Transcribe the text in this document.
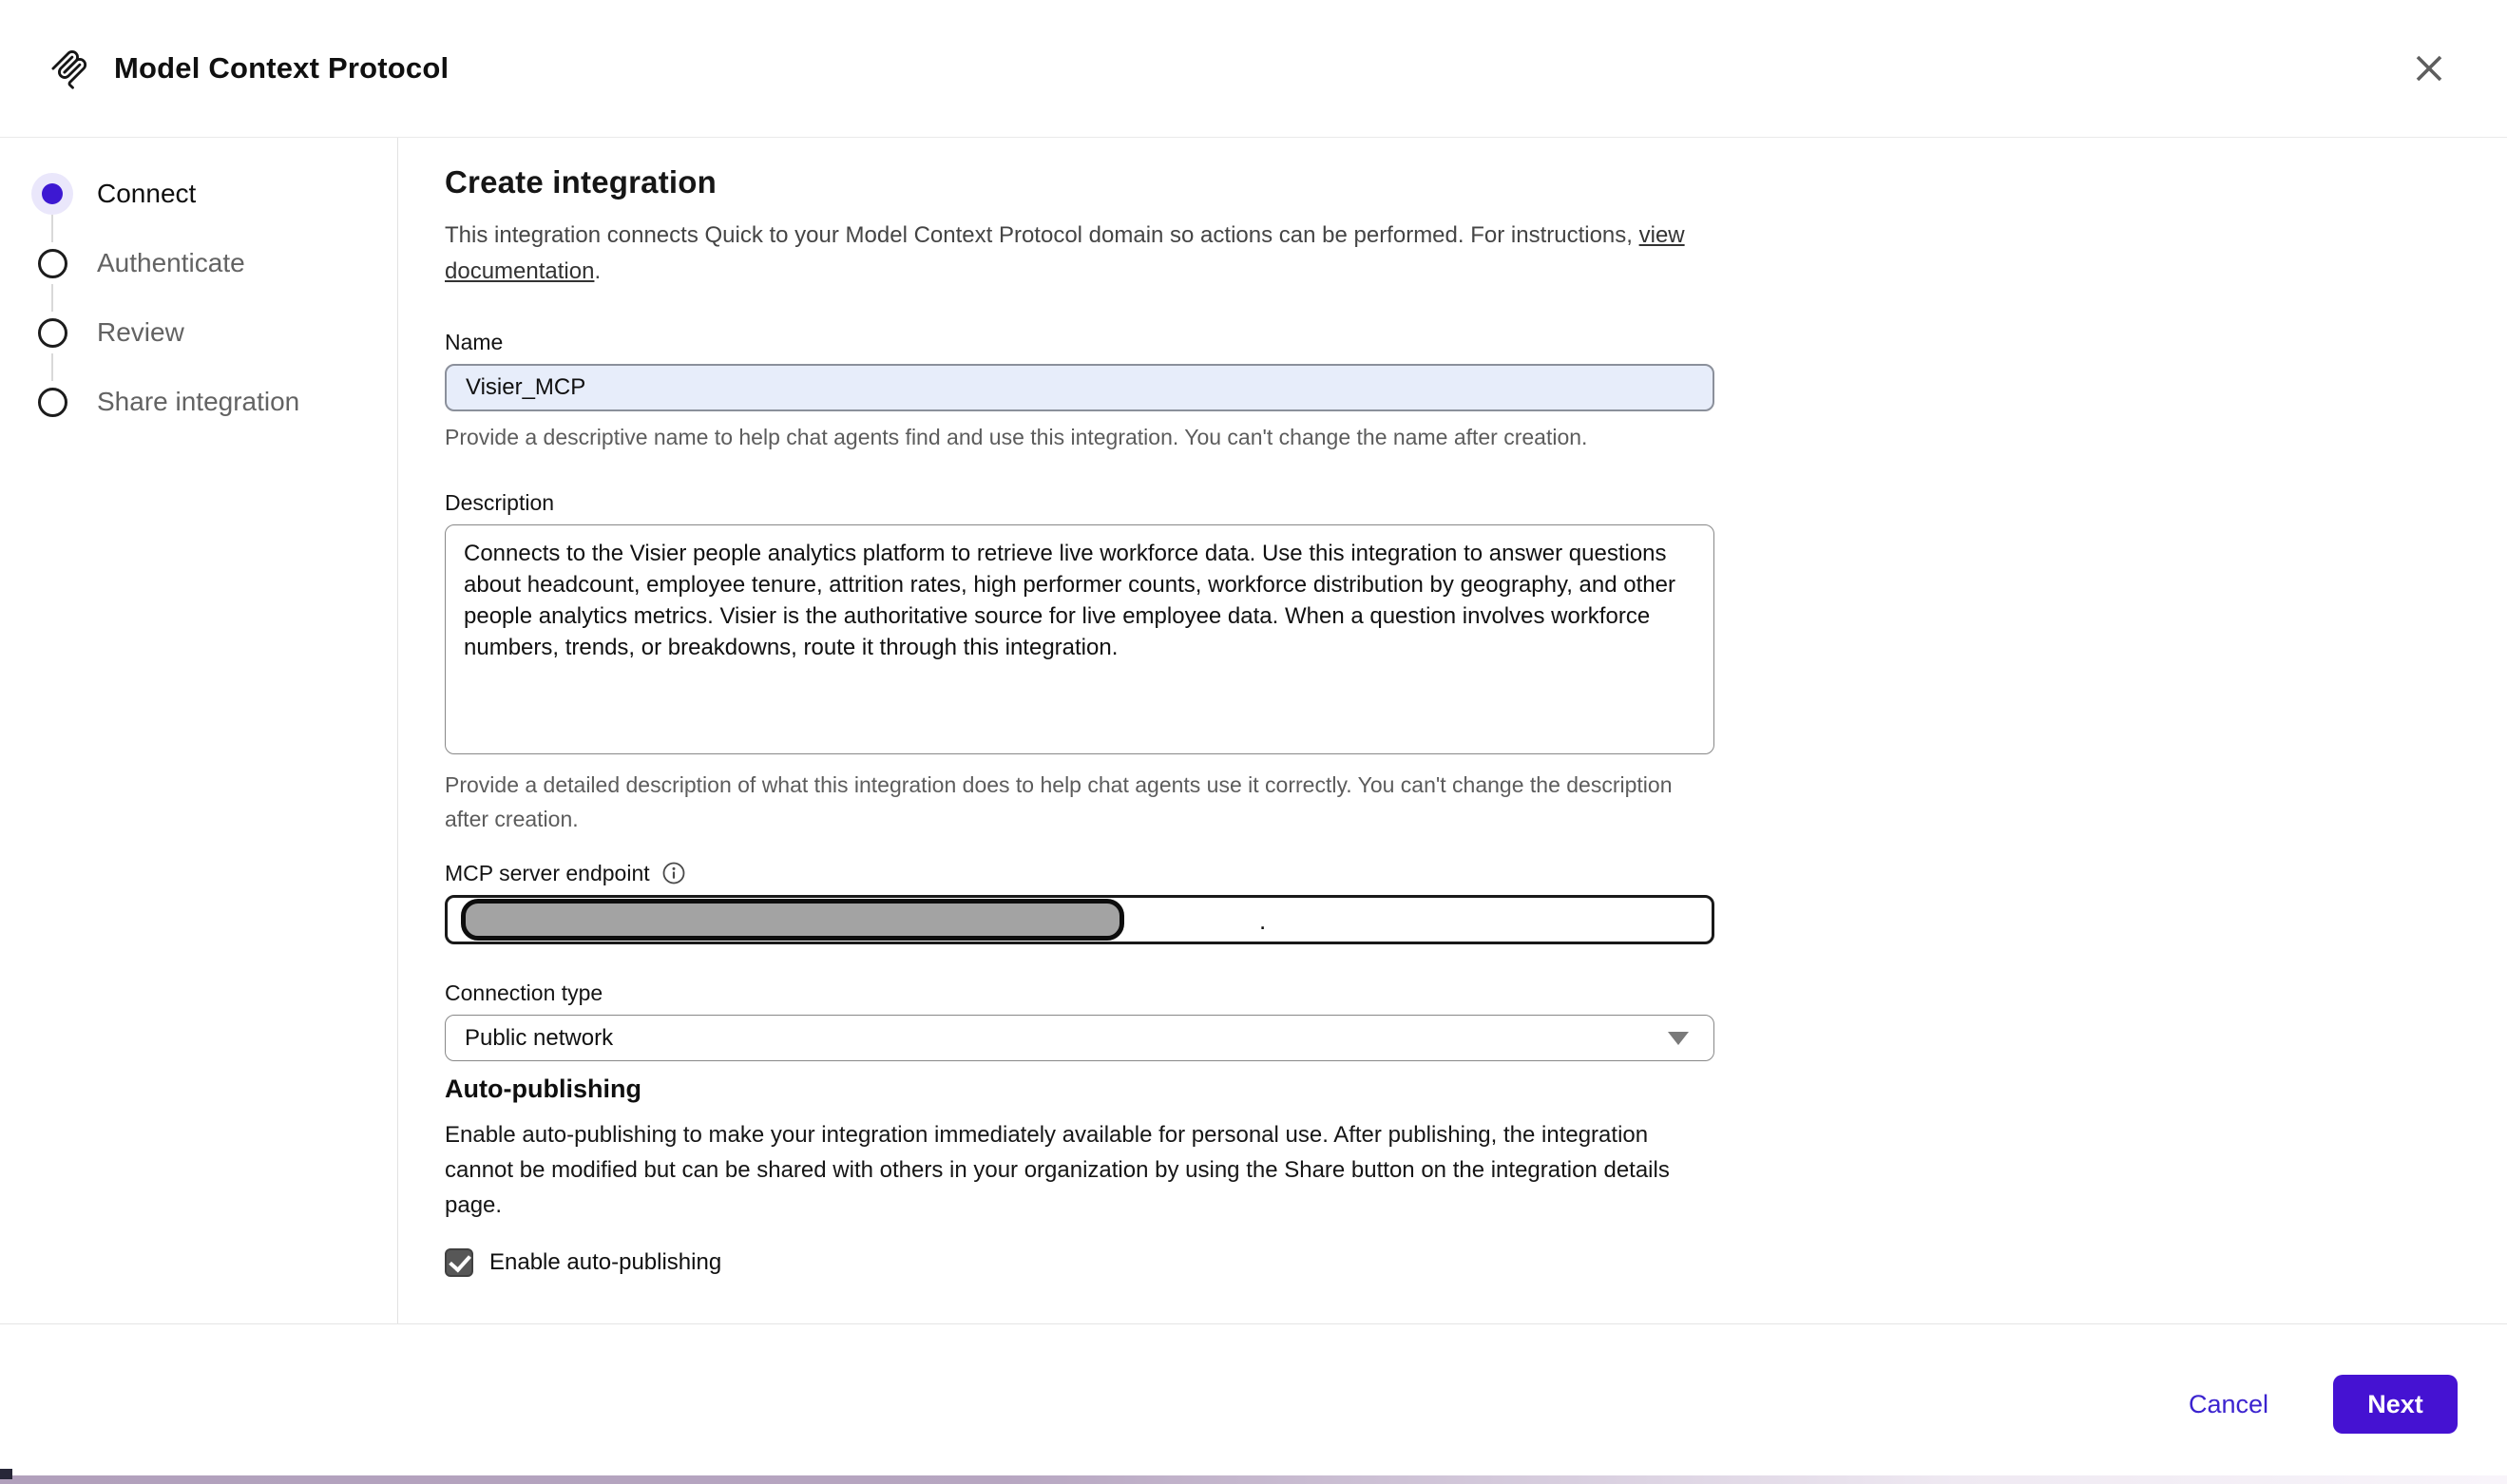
Model Context Protocol
Connect
Authenticate
Review
Share integration
Create integration

This integration connects Quick to your Model Context Protocol domain so actions can be performed. For instructions, view documentation.

Name
Visier_MCP
Provide a descriptive name to help chat agents find and use this integration. You can't change the name after creation.
Description
Connects to the Visier people analytics platform to retrieve live workforce data. Use this integration to answer questions about headcount, employee tenure, attrition rates, high performer counts, workforce distribution by geography, and other people analytics metrics. Visier is the authoritative source for live employee data. When a question involves workforce numbers, trends, or breakdowns, route it through this integration.
Provide a detailed description of what this integration does to help chat agents use it correctly. You can't change the description after creation.
MCP server endpoint
.
Connection type
Public network
Auto-publishing

Enable auto-publishing to make your integration immediately available for personal use. After publishing, the integration cannot be modified but can be shared with others in your organization by using the Share button on the integration details page.

Enable auto-publishing
Cancel	Next
